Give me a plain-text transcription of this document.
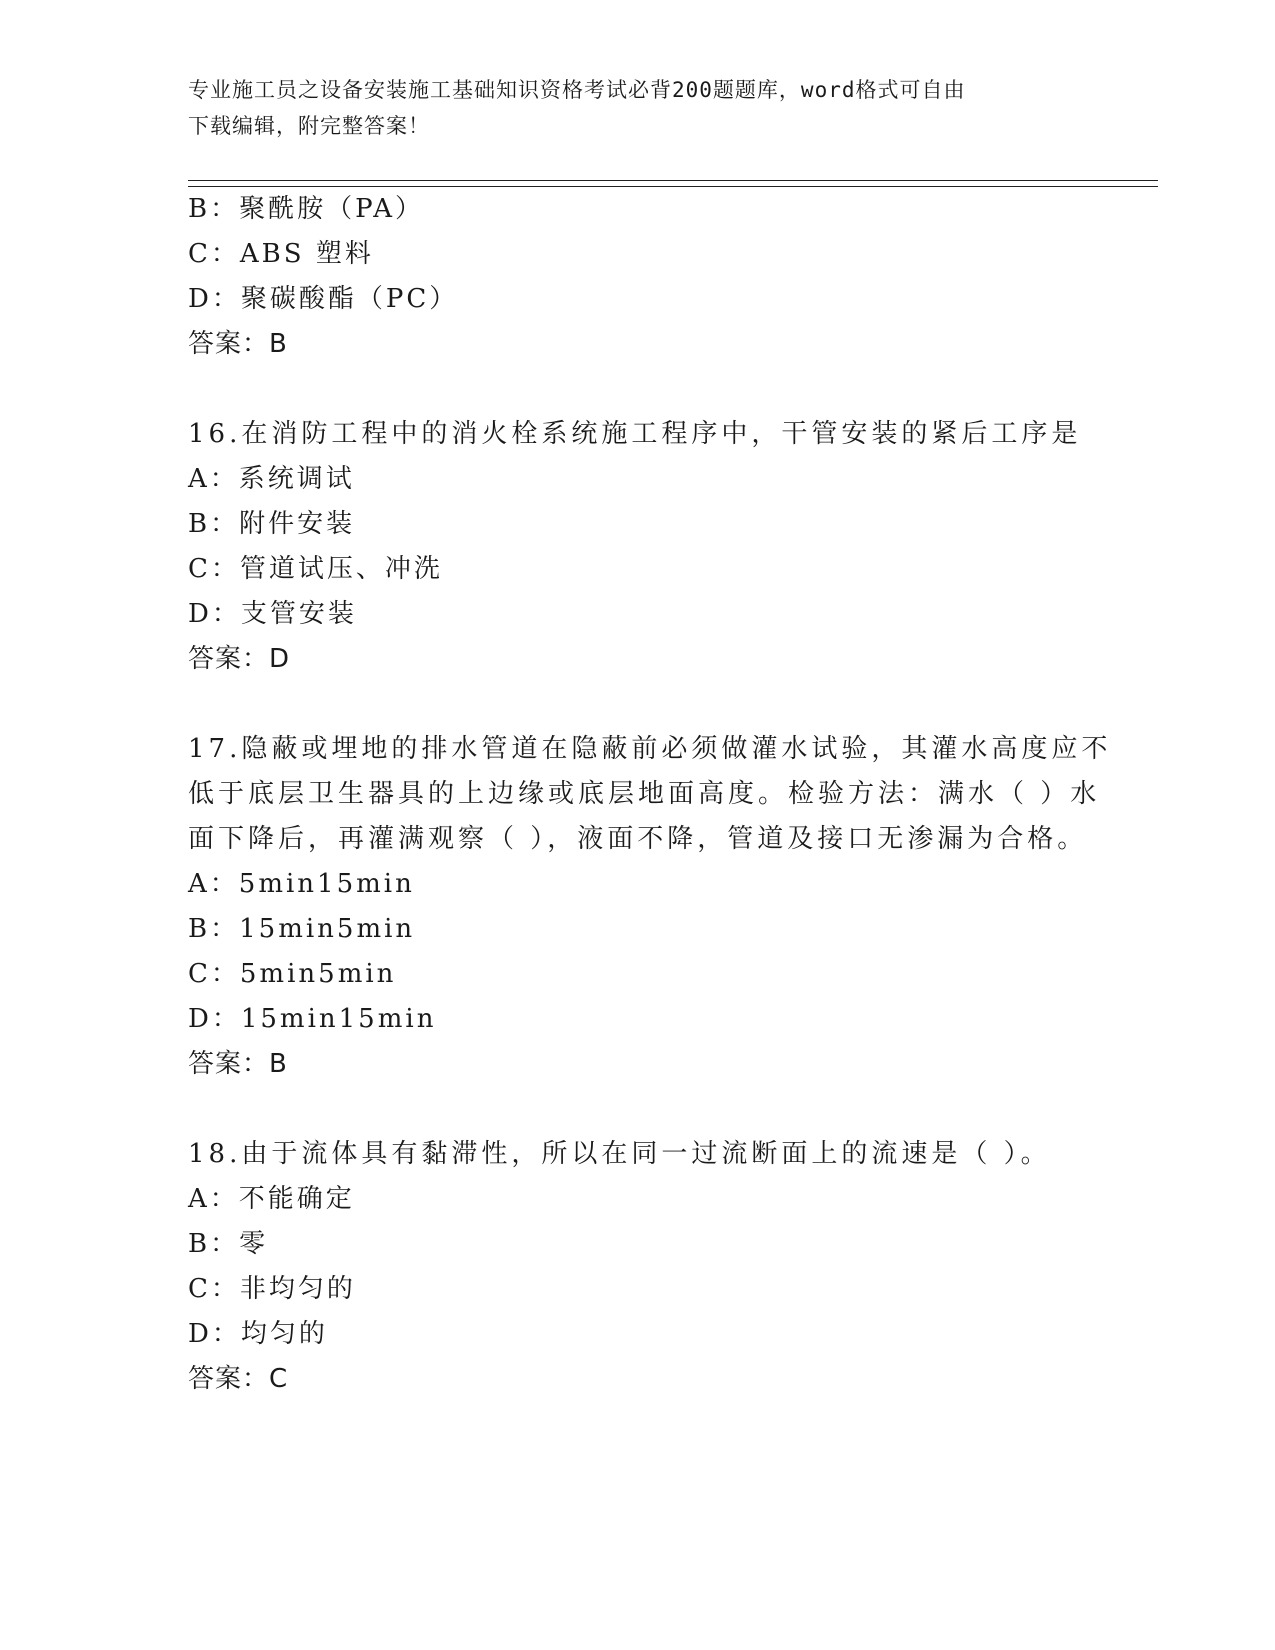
专业施工员之设备安装施工基础知识资格考试必背200题题库，word格式可自由
下载编辑，附完整答案！
B：聚酰胺（PA）
C：ABS 塑料
D：聚碳酸酯（PC）
答案：B
16.在消防工程中的消火栓系统施工程序中，干管安装的紧后工序是
A：系统调试
B：附件安装
C：管道试压、冲洗
D：支管安装
答案：D
17.隐蔽或埋地的排水管道在隐蔽前必须做灌水试验，其灌水高度应不
低于底层卫生器具的上边缘或底层地面高度。检验方法：满水（ ）水
面下降后，再灌满观察（ ），液面不降，管道及接口无渗漏为合格。
A：5min15min
B：15min5min
C：5min5min
D：15min15min
答案：B
18.由于流体具有黏滞性，所以在同一过流断面上的流速是（ ）。
A：不能确定
B：零
C：非均匀的
D：均匀的
答案：C
